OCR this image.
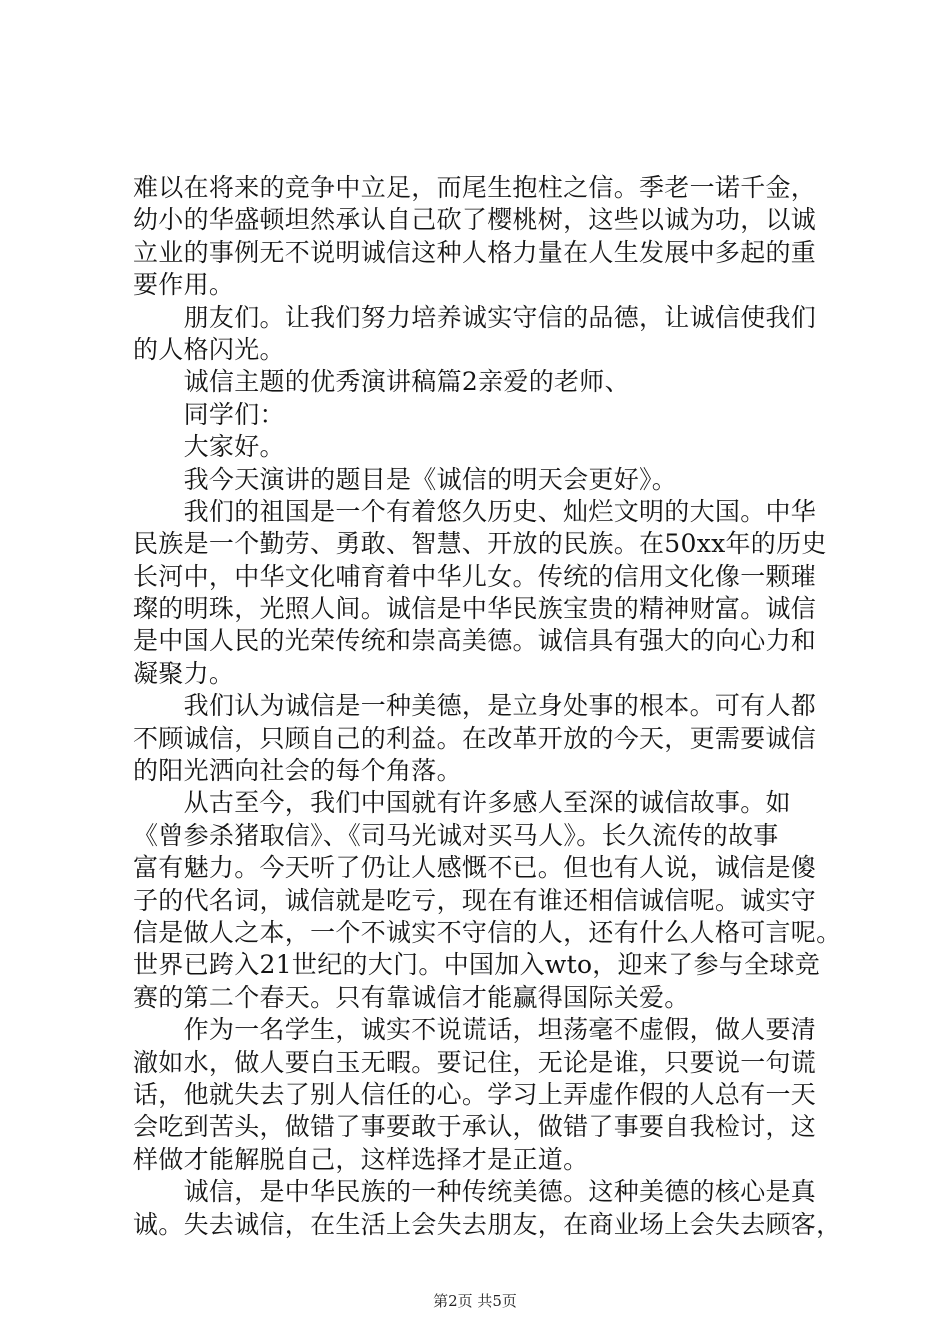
难以在将来的竞争中立足，而尾生抱柱之信。季老一诺千金，
幼小的华盛顿坦然承认自己砍了樱桃树，这些以诚为功，以诚
立业的事例无不说明诚信这种人格力量在人生发展中多起的重
要作用。
　　朋友们。让我们努力培养诚实守信的品德，让诚信使我们
的人格闪光。
　　诚信主题的优秀演讲稿篇2亲爱的老师、
　　同学们：
　　大家好。
　　我今天演讲的题目是《诚信的明天会更好》。
　　我们的祖国是一个有着悠久历史、灿烂文明的大国。中华
民族是一个勤劳、勇敢、智慧、开放的民族。在50xx年的历史
长河中，中华文化哺育着中华儿女。传统的信用文化像一颗璀
璨的明珠，光照人间。诚信是中华民族宝贵的精神财富。诚信
是中国人民的光荣传统和崇高美德。诚信具有强大的向心力和
凝聚力。
　　我们认为诚信是一种美德，是立身处事的根本。可有人都
不顾诚信，只顾自己的利益。在改革开放的今天，更需要诚信
的阳光洒向社会的每个角落。
　　从古至今，我们中国就有许多感人至深的诚信故事。如
《曾参杀猪取信》、《司马光诚对买马人》。长久流传的故事
富有魅力。今天听了仍让人感慨不已。但也有人说，诚信是傻
子的代名词，诚信就是吃亏，现在有谁还相信诚信呢。诚实守
信是做人之本，一个不诚实不守信的人，还有什么人格可言呢。
世界已跨入21世纪的大门。中国加入wto，迎来了参与全球竞
赛的第二个春天。只有靠诚信才能赢得国际关爱。
　　作为一名学生，诚实不说谎话，坦荡毫不虚假，做人要清
澈如水，做人要白玉无暇。要记住，无论是谁，只要说一句谎
话，他就失去了别人信任的心。学习上弄虚作假的人总有一天
会吃到苦头，做错了事要敢于承认，做错了事要自我检讨，这
样做才能解脱自己，这样选择才是正道。
　　诚信，是中华民族的一种传统美德。这种美德的核心是真
诚。失去诚信，在生活上会失去朋友，在商业场上会失去顾客，
第2页 共5页
